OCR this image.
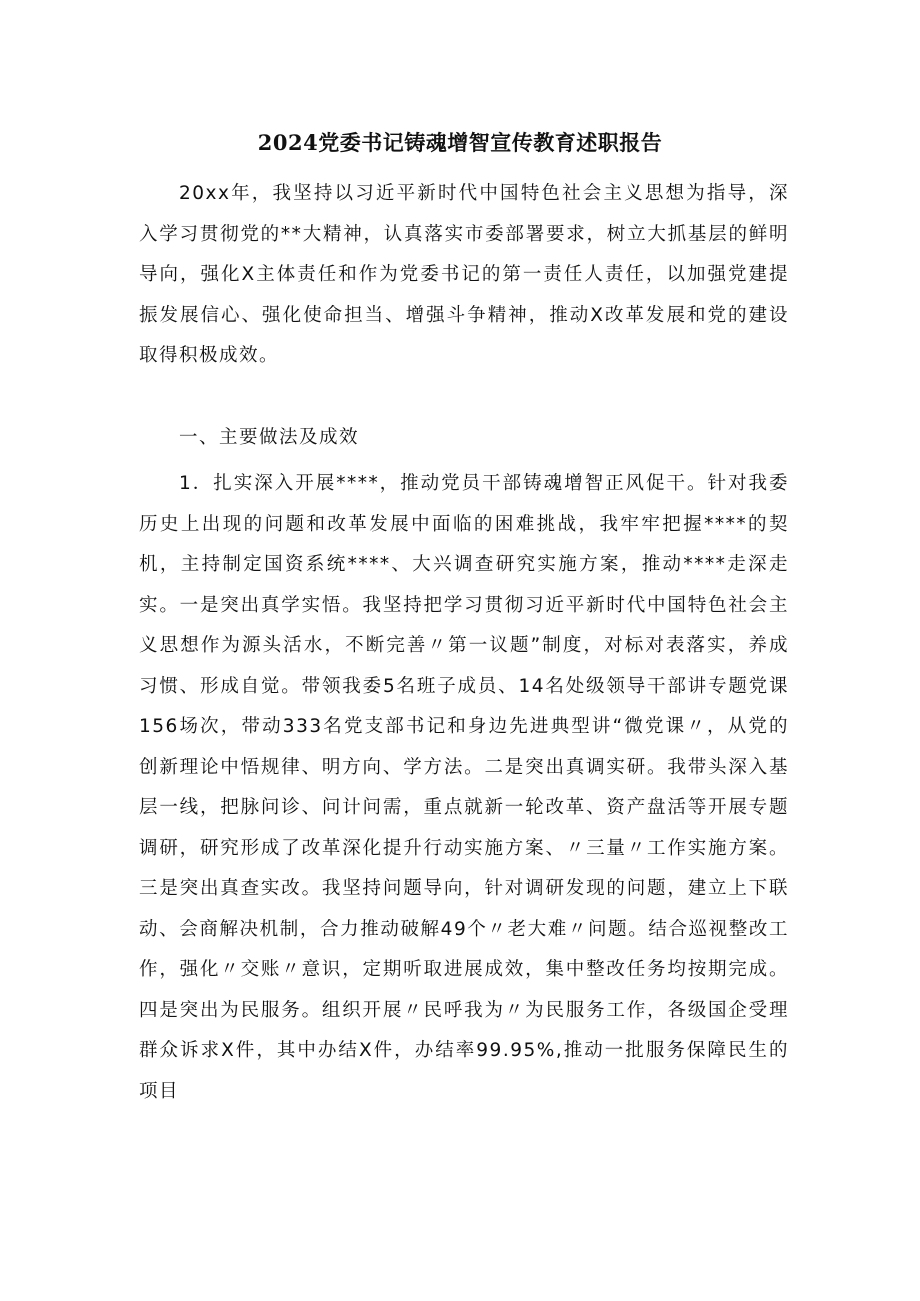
2024党委书记铸魂增智宣传教育述职报告
20xx年，我坚持以习近平新时代中国特色社会主义思想为指导，深入学习贯彻党的**大精神，认真落实市委部署要求，树立大抓基层的鲜明导向，强化X主体责任和作为党委书记的第一责任人责任，以加强党建提振发展信心、强化使命担当、增强斗争精神，推动X改革发展和党的建设取得积极成效。
一、主要做法及成效
1．扎实深入开展****，推动党员干部铸魂增智正风促干。针对我委历史上出现的问题和改革发展中面临的困难挑战，我牢牢把握****的契机，主持制定国资系统****、大兴调查研究实施方案，推动****走深走实。一是突出真学实悟。我坚持把学习贯彻习近平新时代中国特色社会主义思想作为源头活水，不断完善〃第一议题”制度，对标对表落实，养成习惯、形成自觉。带领我委5名班子成员、14名处级领导干部讲专题党课156场次，带动333名党支部书记和身边先进典型讲“微党课〃，从党的创新理论中悟规律、明方向、学方法。二是突出真调实研。我带头深入基层一线，把脉问诊、问计问需，重点就新一轮改革、资产盘活等开展专题调研，研究形成了改革深化提升行动实施方案、〃三量〃工作实施方案。三是突出真查实改。我坚持问题导向，针对调研发现的问题，建立上下联动、会商解决机制，合力推动破解49个〃老大难〃问题。结合巡视整改工作，强化〃交账〃意识，定期听取进展成效，集中整改任务均按期完成。四是突出为民服务。组织开展〃民呼我为〃为民服务工作，各级国企受理群众诉求X件，其中办结X件，办结率99.95%,推动一批服务保障民生的项目
